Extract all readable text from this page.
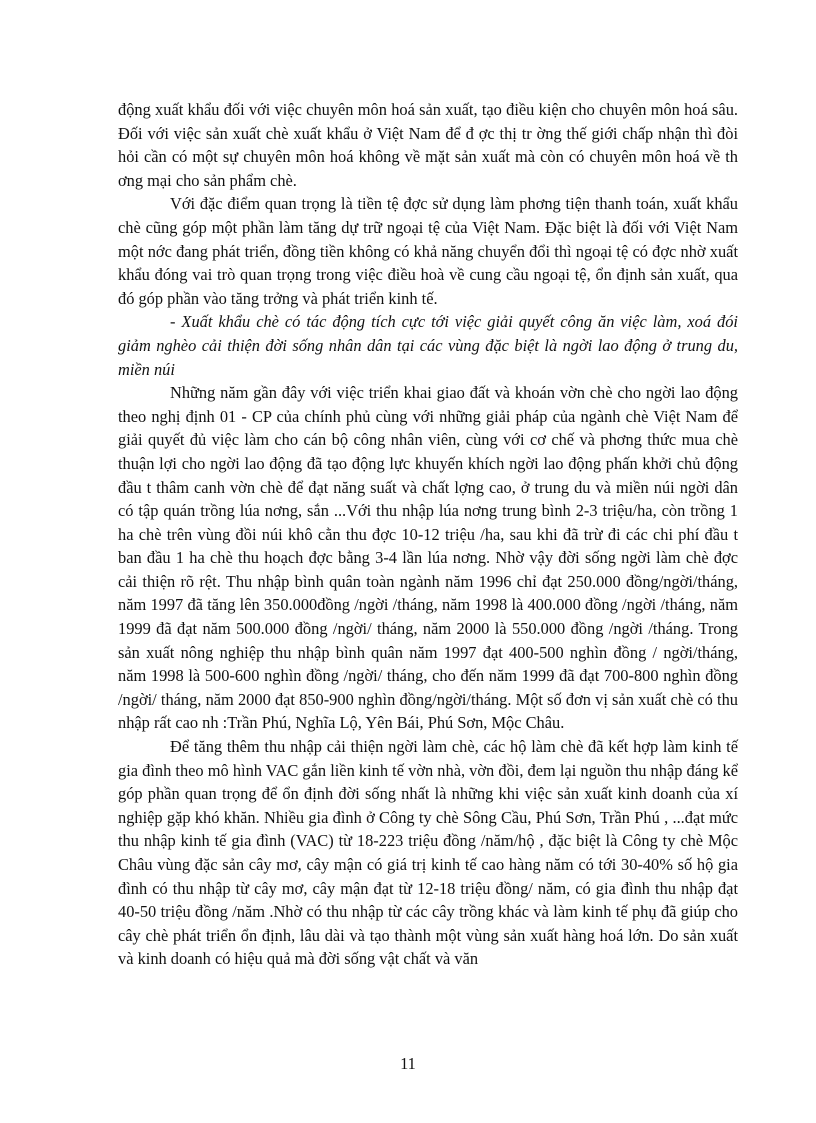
động xuất khẩu đối với việc chuyên môn hoá sản xuất, tạo điều kiện cho chuyên môn hoá sâu. Đối với việc sản xuất chè xuất khẩu ở Việt Nam để đ ợc thị tr ờng thế giới chấp nhận thì đòi hỏi cần có một sự chuyên môn hoá không về mặt sản xuất mà còn có chuyên môn hoá về th ơng mại cho sản phẩm chè.

Với đặc điểm quan trọng là tiền tệ đợc sử dụng làm phơng tiện thanh toán, xuất khẩu chè cũng góp một phần làm tăng dự trữ ngoại tệ của Việt Nam. Đặc biệt là đối với Việt Nam một nớc đang phát triển, đồng tiền không có khả năng chuyển đổi thì ngoại tệ có đợc nhờ xuất khẩu đóng vai trò quan trọng trong việc điều hoà về cung cầu ngoại tệ, ổn định sản xuất, qua đó góp phần vào tăng trởng và phát triển kinh tế.

- Xuất khẩu chè có tác động tích cực tới việc giải quyết công ăn việc làm, xoá đói giảm nghèo cải thiện đời sống nhân dân tại các vùng đặc biệt là ngời lao động ở trung du, miền núi

Những năm gần đây với việc triển khai giao đất và khoán vờn chè cho ngời lao động theo nghị định 01 - CP của chính phủ cùng với những giải pháp của ngành chè Việt Nam để giải quyết đủ việc làm cho cán bộ công nhân viên, cùng với cơ chế và phơng thức mua chè thuận lợi cho ngời lao động đã tạo động lực khuyến khích ngời lao động phấn khởi chủ động đầu t thâm canh vờn chè để đạt năng suất và chất lợng cao, ở trung du và miền núi ngời dân có tập quán trồng lúa nơng, sắn ...Với thu nhập lúa nơng trung bình 2-3 triệu/ha, còn trồng 1 ha chè trên vùng đồi núi khô cằn thu đợc 10-12 triệu /ha, sau khi đã trừ đi các chi phí đầu t ban đầu 1 ha chè thu hoạch đợc bằng 3-4 lần lúa nơng. Nhờ vậy đời sống ngời làm chè đợc cải thiện rõ rệt. Thu nhập bình quân toàn ngành năm 1996 chỉ đạt 250.000 đồng/ngời/tháng, năm 1997 đã tăng lên 350.000đồng /ngời /tháng, năm 1998 là 400.000 đồng /ngời /tháng, năm 1999 đã đạt năm 500.000 đồng /ngời/ tháng, năm 2000 là 550.000 đồng /ngời /tháng. Trong sản xuất nông nghiệp thu nhập bình quân năm 1997 đạt 400-500 nghìn đồng / ngời/tháng, năm 1998 là 500-600 nghìn đồng /ngời/ tháng, cho đến năm 1999 đã đạt 700-800 nghìn đồng /ngời/ tháng, năm 2000 đạt 850-900 nghìn đồng/ngời/tháng. Một số đơn vị sản xuất chè có thu nhập rất cao nh :Trần Phú, Nghĩa Lộ, Yên Bái, Phú Sơn, Mộc Châu.

Để tăng thêm thu nhập cải thiện ngời làm chè, các hộ làm chè đã kết hợp làm kinh tế gia đình theo mô hình VAC gắn liền kinh tế vờn nhà, vờn đồi, đem lại nguồn thu nhập đáng kể góp phần quan trọng để ổn định đời sống nhất là những khi việc sản xuất kinh doanh của xí nghiệp gặp khó khăn. Nhiều gia đình ở Công ty chè Sông Cầu, Phú Sơn, Trần Phú , ...đạt mức thu nhập kinh tế gia đình (VAC) từ 18-223 triệu đồng /năm/hộ , đặc biệt là Công ty chè Mộc Châu vùng đặc sản cây mơ, cây mận có giá trị kinh tế cao hàng năm có tới 30-40% số hộ gia đình có thu nhập từ cây mơ, cây mận đạt từ 12-18 triệu đồng/ năm, có gia đình thu nhập đạt 40-50 triệu đồng /năm .Nhờ có thu nhập từ các cây trồng khác và làm kinh tế phụ đã giúp cho cây chè phát triển ổn định, lâu dài và tạo thành một vùng sản xuất hàng hoá lớn. Do sản xuất và kinh doanh có hiệu quả mà đời sống vật chất và văn

11
